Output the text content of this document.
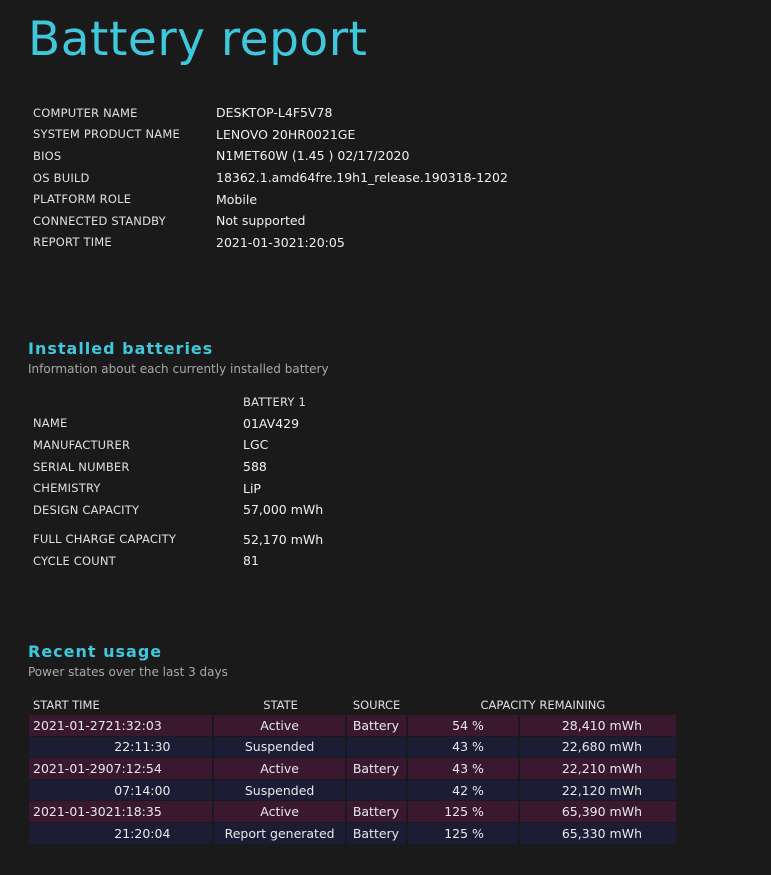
Battery report
COMPUTER NAME	DESKTOP-L4F5V78
SYSTEM PRODUCT NAME	LENOVO 20HR0021GE
BIOS	N1MET60W (1.45 ) 02/17/2020
OS BUILD	18362.1.amd64fre.19h1_release.190318-1202
PLATFORM ROLE	Mobile
CONNECTED STANDBY	Not supported
REPORT TIME	2021-01-3021:20:05
Installed batteries

Information about each currently installed battery

	BATTERY 1
NAME	01AV429
MANUFACTURER	LGC
SERIAL NUMBER	588
CHEMISTRY	LiP
DESIGN CAPACITY	57,000 mWh

FULL CHARGE CAPACITY	52,170 mWh
CYCLE COUNT	81
Recent usage

Power states over the last 3 days

START TIME	STATE	SOURCE	CAPACITY REMAINING	
2021-01-2721:32:03	Active	Battery	54 %	28,410 mWh
22:11:30	Suspended		43 %	22,680 mWh
2021-01-2907:12:54	Active	Battery	43 %	22,210 mWh
07:14:00	Suspended		42 %	22,120 mWh
2021-01-3021:18:35	Active	Battery	125 %	65,390 mWh
21:20:04	Report generated	Battery	125 %	65,330 mWh
